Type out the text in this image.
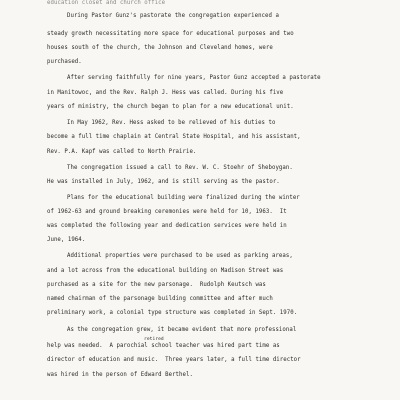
education closet and church office
During Pastor Gunz's pastorate the congregation experienced a
steady growth necessitating more space for educational purposes and two
houses south of the church, the Johnson and Cleveland homes, were
purchased.
After serving faithfully for nine years, Pastor Gunz accepted a pastorate
in Manitowoc, and the Rev. Ralph J. Hess was called. During his five
years of ministry, the church began to plan for a new educational unit.
In May 1962, Rev. Hess asked to be relieved of his duties to
become a full time chaplain at Central State Hospital, and his assistant,
Rev. P.A. Kapf was called to North Prairie.
The congregation issued a call to Rev. W. C. Stoehr of Sheboygan.
He was installed in July, 1962, and is still serving as the pastor.
Plans for the educational building were finalized during the winter
of 1962-63 and ground breaking ceremonies were held for 10, 1963.  It
was completed the following year and dedication services were held in
June, 1964.
Additional properties were purchased to be used as parking areas,
and a lot across from the educational building on Madison Street was
purchased as a site for the new parsonage.  Rudolph Keutsch was
named chairman of the parsonage building committee and after much
preliminary work, a colonial type structure was completed in Sept. 1970.
As the congregation grew, it became evident that more professional
retired
help was needed.  A parochial school teacher was hired part time as
director of education and music.  Three years later, a full time director
was hired in the person of Edward Berthel.
